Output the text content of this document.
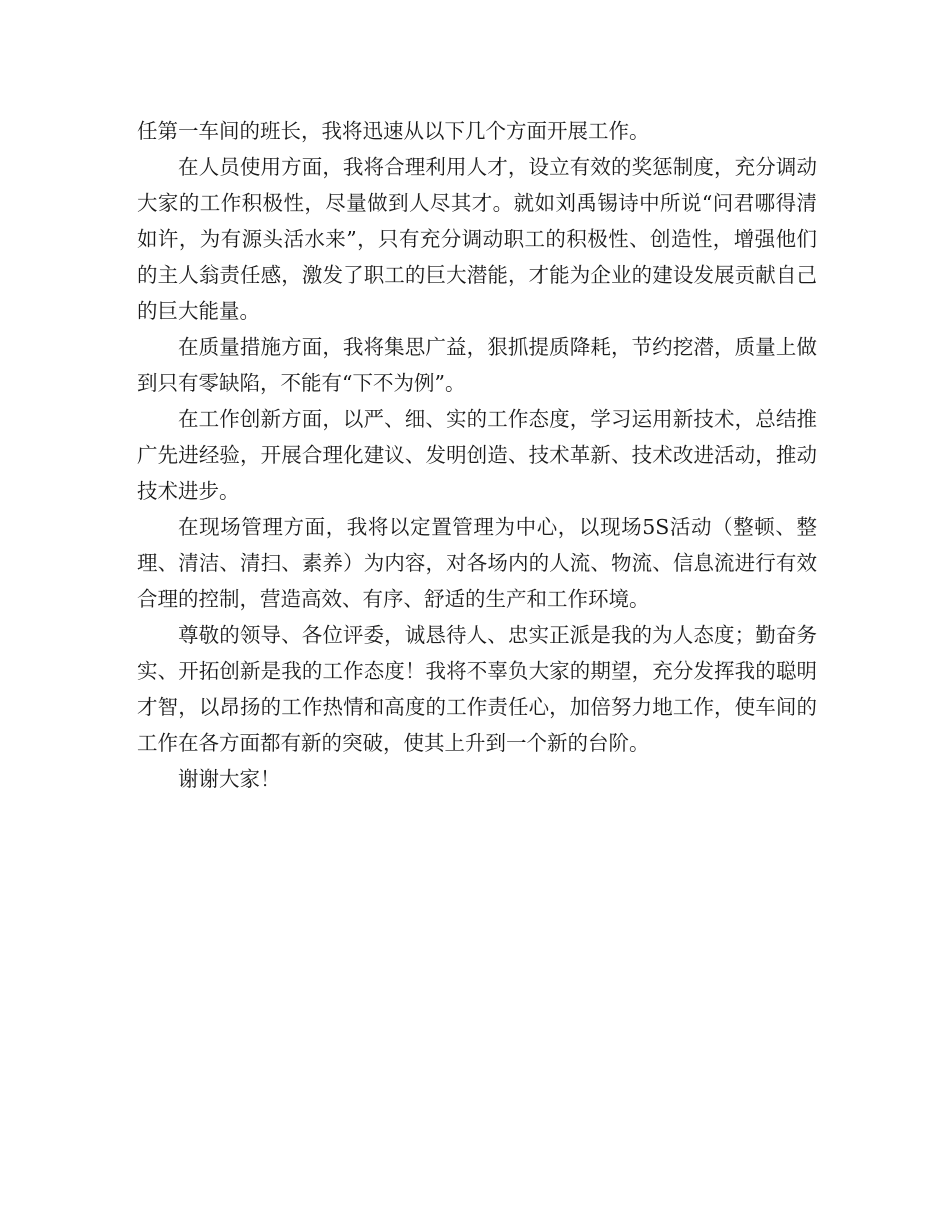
任第一车间的班长，我将迅速从以下几个方面开展工作。

在人员使用方面，我将合理利用人才，设立有效的奖惩制度，充分调动大家的工作积极性，尽量做到人尽其才。就如刘禹锡诗中所说“问君哪得清如许，为有源头活水来”，只有充分调动职工的积极性、创造性，增强他们的主人翁责任感，激发了职工的巨大潜能，才能为企业的建设发展贡献自己的巨大能量。

在质量措施方面，我将集思广益，狠抓提质降耗，节约挖潜，质量上做到只有零缺陷，不能有“下不为例”。

在工作创新方面，以严、细、实的工作态度，学习运用新技术，总结推广先进经验，开展合理化建议、发明创造、技术革新、技术改进活动，推动技术进步。

在现场管理方面，我将以定置管理为中心，以现场5S活动（整顿、整理、清洁、清扫、素养）为内容，对各场内的人流、物流、信息流进行有效合理的控制，营造高效、有序、舒适的生产和工作环境。

尊敬的领导、各位评委，诚恳待人、忠实正派是我的为人态度；勤奋务实、开拓创新是我的工作态度！我将不辜负大家的期望，充分发挥我的聪明才智，以昂扬的工作热情和高度的工作责任心，加倍努力地工作，使车间的工作在各方面都有新的突破，使其上升到一个新的台阶。

谢谢大家！
